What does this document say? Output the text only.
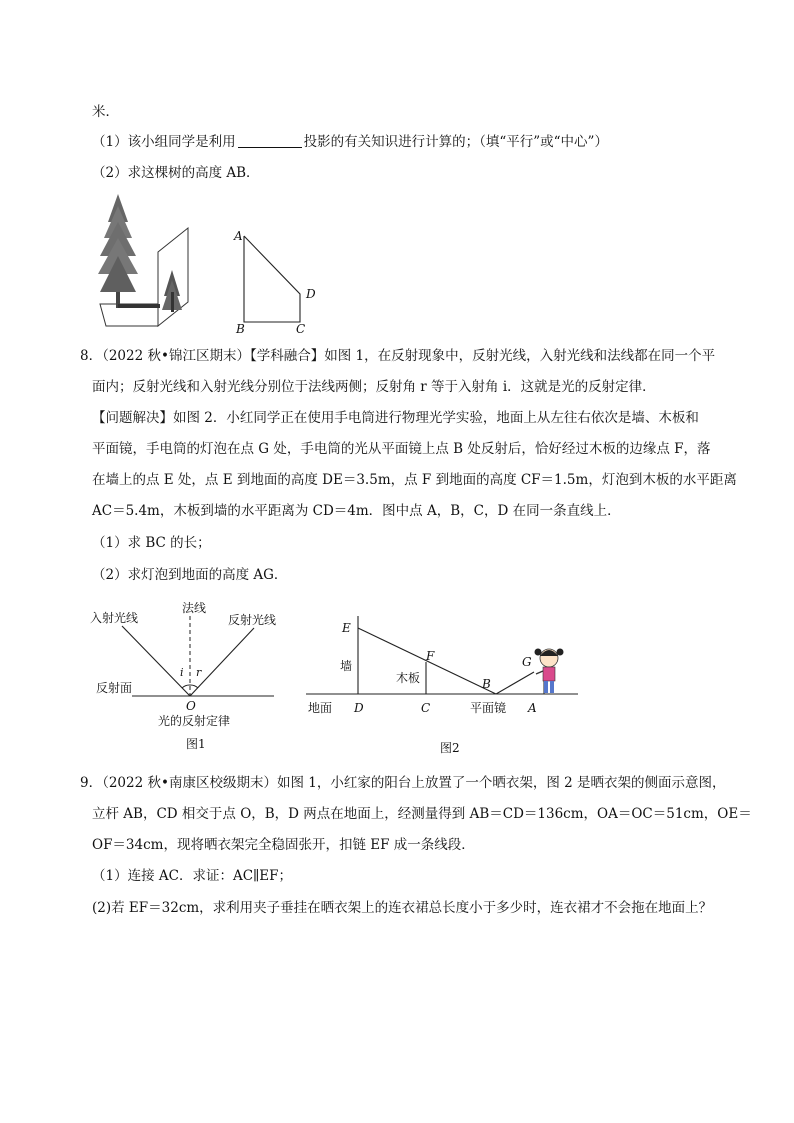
米．
（1）该小组同学是利用	投影的有关知识进行计算的；（填“平行”或“中心”）
（2）求这棵树的高度 AB．
A
B	C
D
8．（2022 秋•锦江区期末）【学科融合】如图 1，在反射现象中，反射光线，入射光线和法线都在同一个平
面内；反射光线和入射光线分别位于法线两侧；反射角 r 等于入射角 i．这就是光的反射定律．
【问题解决】如图 2．小红同学正在使用手电筒进行物理光学实验，地面上从左往右依次是墙、木板和
平面镜，手电筒的灯泡在点 G 处，手电筒的光从平面镜上点 B 处反射后，恰好经过木板的边缘点 F，落
在墙上的点 E 处，点 E 到地面的高度 DE＝3.5m，点 F 到地面的高度 CF＝1.5m，灯泡到木板的水平距离
AC＝5.4m，木板到墙的水平距离为 CD＝4m．图中点 A，B，C，D 在同一条直线上．
（1）求 BC 的长；
（2）求灯泡到地面的高度 AG．
入射光线
法线
反射光线
反射面
i r
O
光的反射定律
图1
E
F	G
B
墙
木板
地面 D	C	平面镜 A
图2
9．（2022 秋•南康区校级期末）如图 1，小红家的阳台上放置了一个晒衣架，图 2 是晒衣架的侧面示意图，
立杆 AB，CD 相交于点 O，B，D 两点在地面上，经测量得到 AB＝CD＝136cm，OA＝OC＝51cm，OE＝
OF＝34cm，现将晒衣架完全稳固张开，扣链 EF 成一条线段．
（1）连接 AC．求证：AC∥EF；
(2)若 EF＝32cm，求利用夹子垂挂在晒衣架上的连衣裙总长度小于多少时，连衣裙才不会拖在地面上？
